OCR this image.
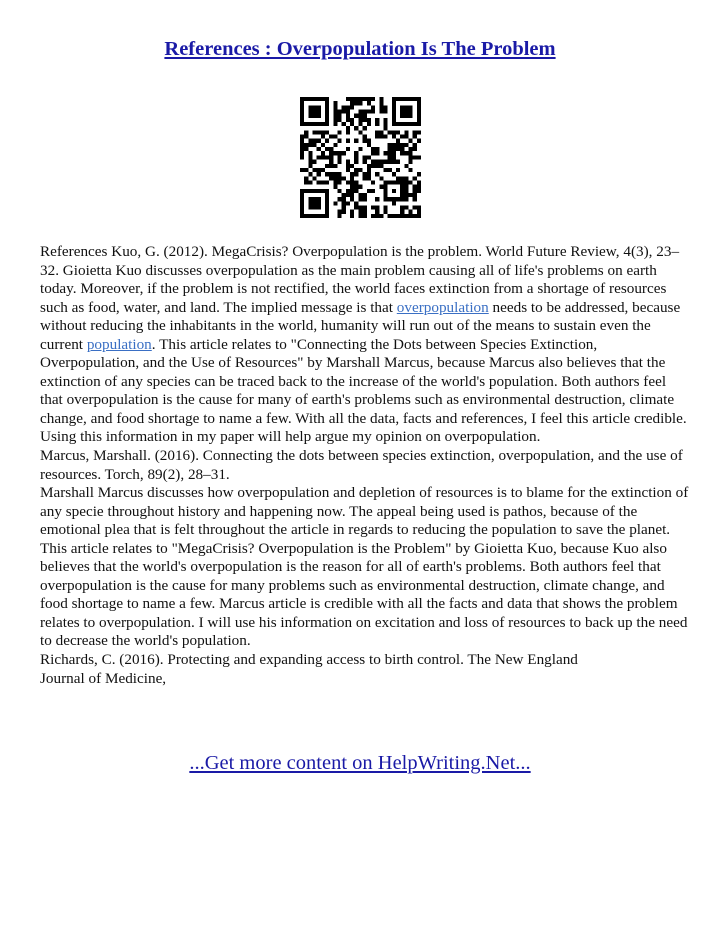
References : Overpopulation Is The Problem

References Kuo, G. (2012). MegaCrisis? Overpopulation is the problem. World Future Review, 4(3), 23–32. Gioietta Kuo discusses overpopulation as the main problem causing all of life's problems on earth today. Moreover, if the problem is not rectified, the world faces extinction from a shortage of resources such as food, water, and land. The implied message is that overpopulation needs to be addressed, because without reducing the inhabitants in the world, humanity will run out of the means to sustain even the current population. This article relates to "Connecting the Dots between Species Extinction, Overpopulation, and the Use of Resources" by Marshall Marcus, because Marcus also believes that the extinction of any species can be traced back to the increase of the world's population. Both authors feel that overpopulation is the cause for many of earth's problems such as environmental destruction, climate change, and food shortage to name a few. With all the data, facts and references, I feel this article credible. Using this information in my paper will help argue my opinion on overpopulation.

Marcus, Marshall. (2016). Connecting the dots between species extinction, overpopulation, and the use of resources. Torch, 89(2), 28–31.

Marshall Marcus discusses how overpopulation and depletion of resources is to blame for the extinction of any specie throughout history and happening now. The appeal being used is pathos, because of the emotional plea that is felt throughout the article in regards to reducing the population to save the planet. This article relates to "MegaCrisis? Overpopulation is the Problem" by Gioietta Kuo, because Kuo also believes that the world's overpopulation is the reason for all of earth's problems. Both authors feel that overpopulation is the cause for many problems such as environmental destruction, climate change, and food shortage to name a few. Marcus article is credible with all the facts and data that shows the problem relates to overpopulation. I will use his information on excitation and loss of resources to back up the need to decrease the world's population.

Richards, C. (2016). Protecting and expanding access to birth control. The New England
Journal of Medicine,

...Get more content on HelpWriting.Net...
